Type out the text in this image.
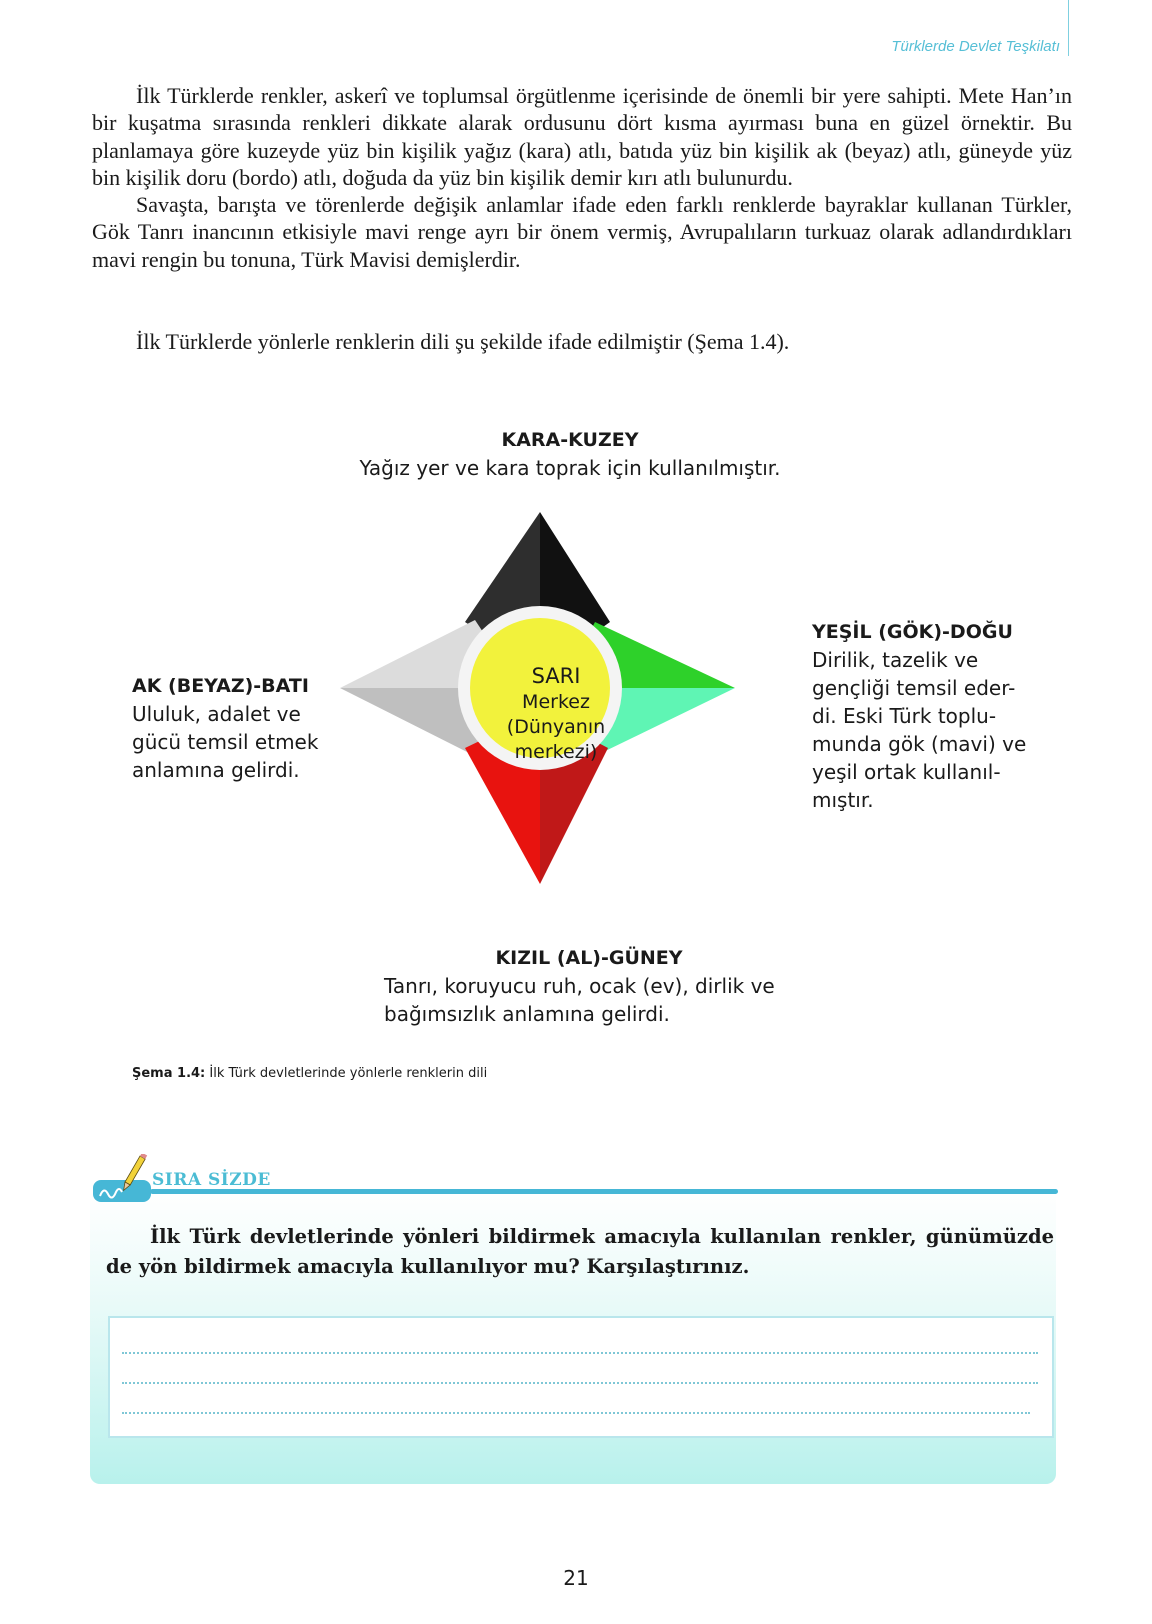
Türklerde Devlet Teşkilatı

İlk Türklerde renkler, askerî ve toplumsal örgütlenme içerisinde de önemli bir yere sahipti. Mete Han’ın bir kuşatma sırasında renkleri dikkate alarak ordusunu dört kısma ayırması buna en güzel örnektir. Bu planlamaya göre kuzeyde yüz bin kişilik yağız (kara) atlı, batıda yüz bin kişilik ak (beyaz) atlı, güneyde yüz bin kişilik doru (bordo) atlı, doğuda da yüz bin kişilik demir kırı atlı bulunurdu.

Savaşta, barışta ve törenlerde değişik anlamlar ifade eden farklı renklerde bayraklar kullanan Türkler, Gök Tanrı inancının etkisiyle mavi renge ayrı bir önem vermiş, Avrupalıların turkuaz olarak adlandırdıkları mavi rengin bu tonuna, Türk Mavisi demişlerdir.

İlk Türklerde yönlerle renklerin dili şu şekilde ifade edilmiştir (Şema 1.4).

KARA-KUZEY
Yağız yer ve kara toprak için kullanılmıştır.
SARI
Merkez
(Dünyanın
merkezi)
AK (BEYAZ)-BATI
Ululuk, adalet ve
gücü temsil etmek
anlamına gelirdi.
YEŞİL (GÖK)-DOĞU
Dirilik, tazelik ve
gençliği temsil eder-
di. Eski Türk toplu-
munda gök (mavi) ve
yeşil ortak kullanıl-
mıştır.
KIZIL (AL)-GÜNEY
Tanrı, koruyucu ruh, ocak (ev), dirlik ve
bağımsızlık anlamına gelirdi.
Şema 1.4: İlk Türk devletlerinde yönlerle renklerin dili
SIRA SİZDE
İlk Türk devletlerinde yönleri bildirmek amacıyla kullanılan renkler, günümüzde de yön bildirmek amacıyla kullanılıyor mu? Karşılaştırınız.
21
